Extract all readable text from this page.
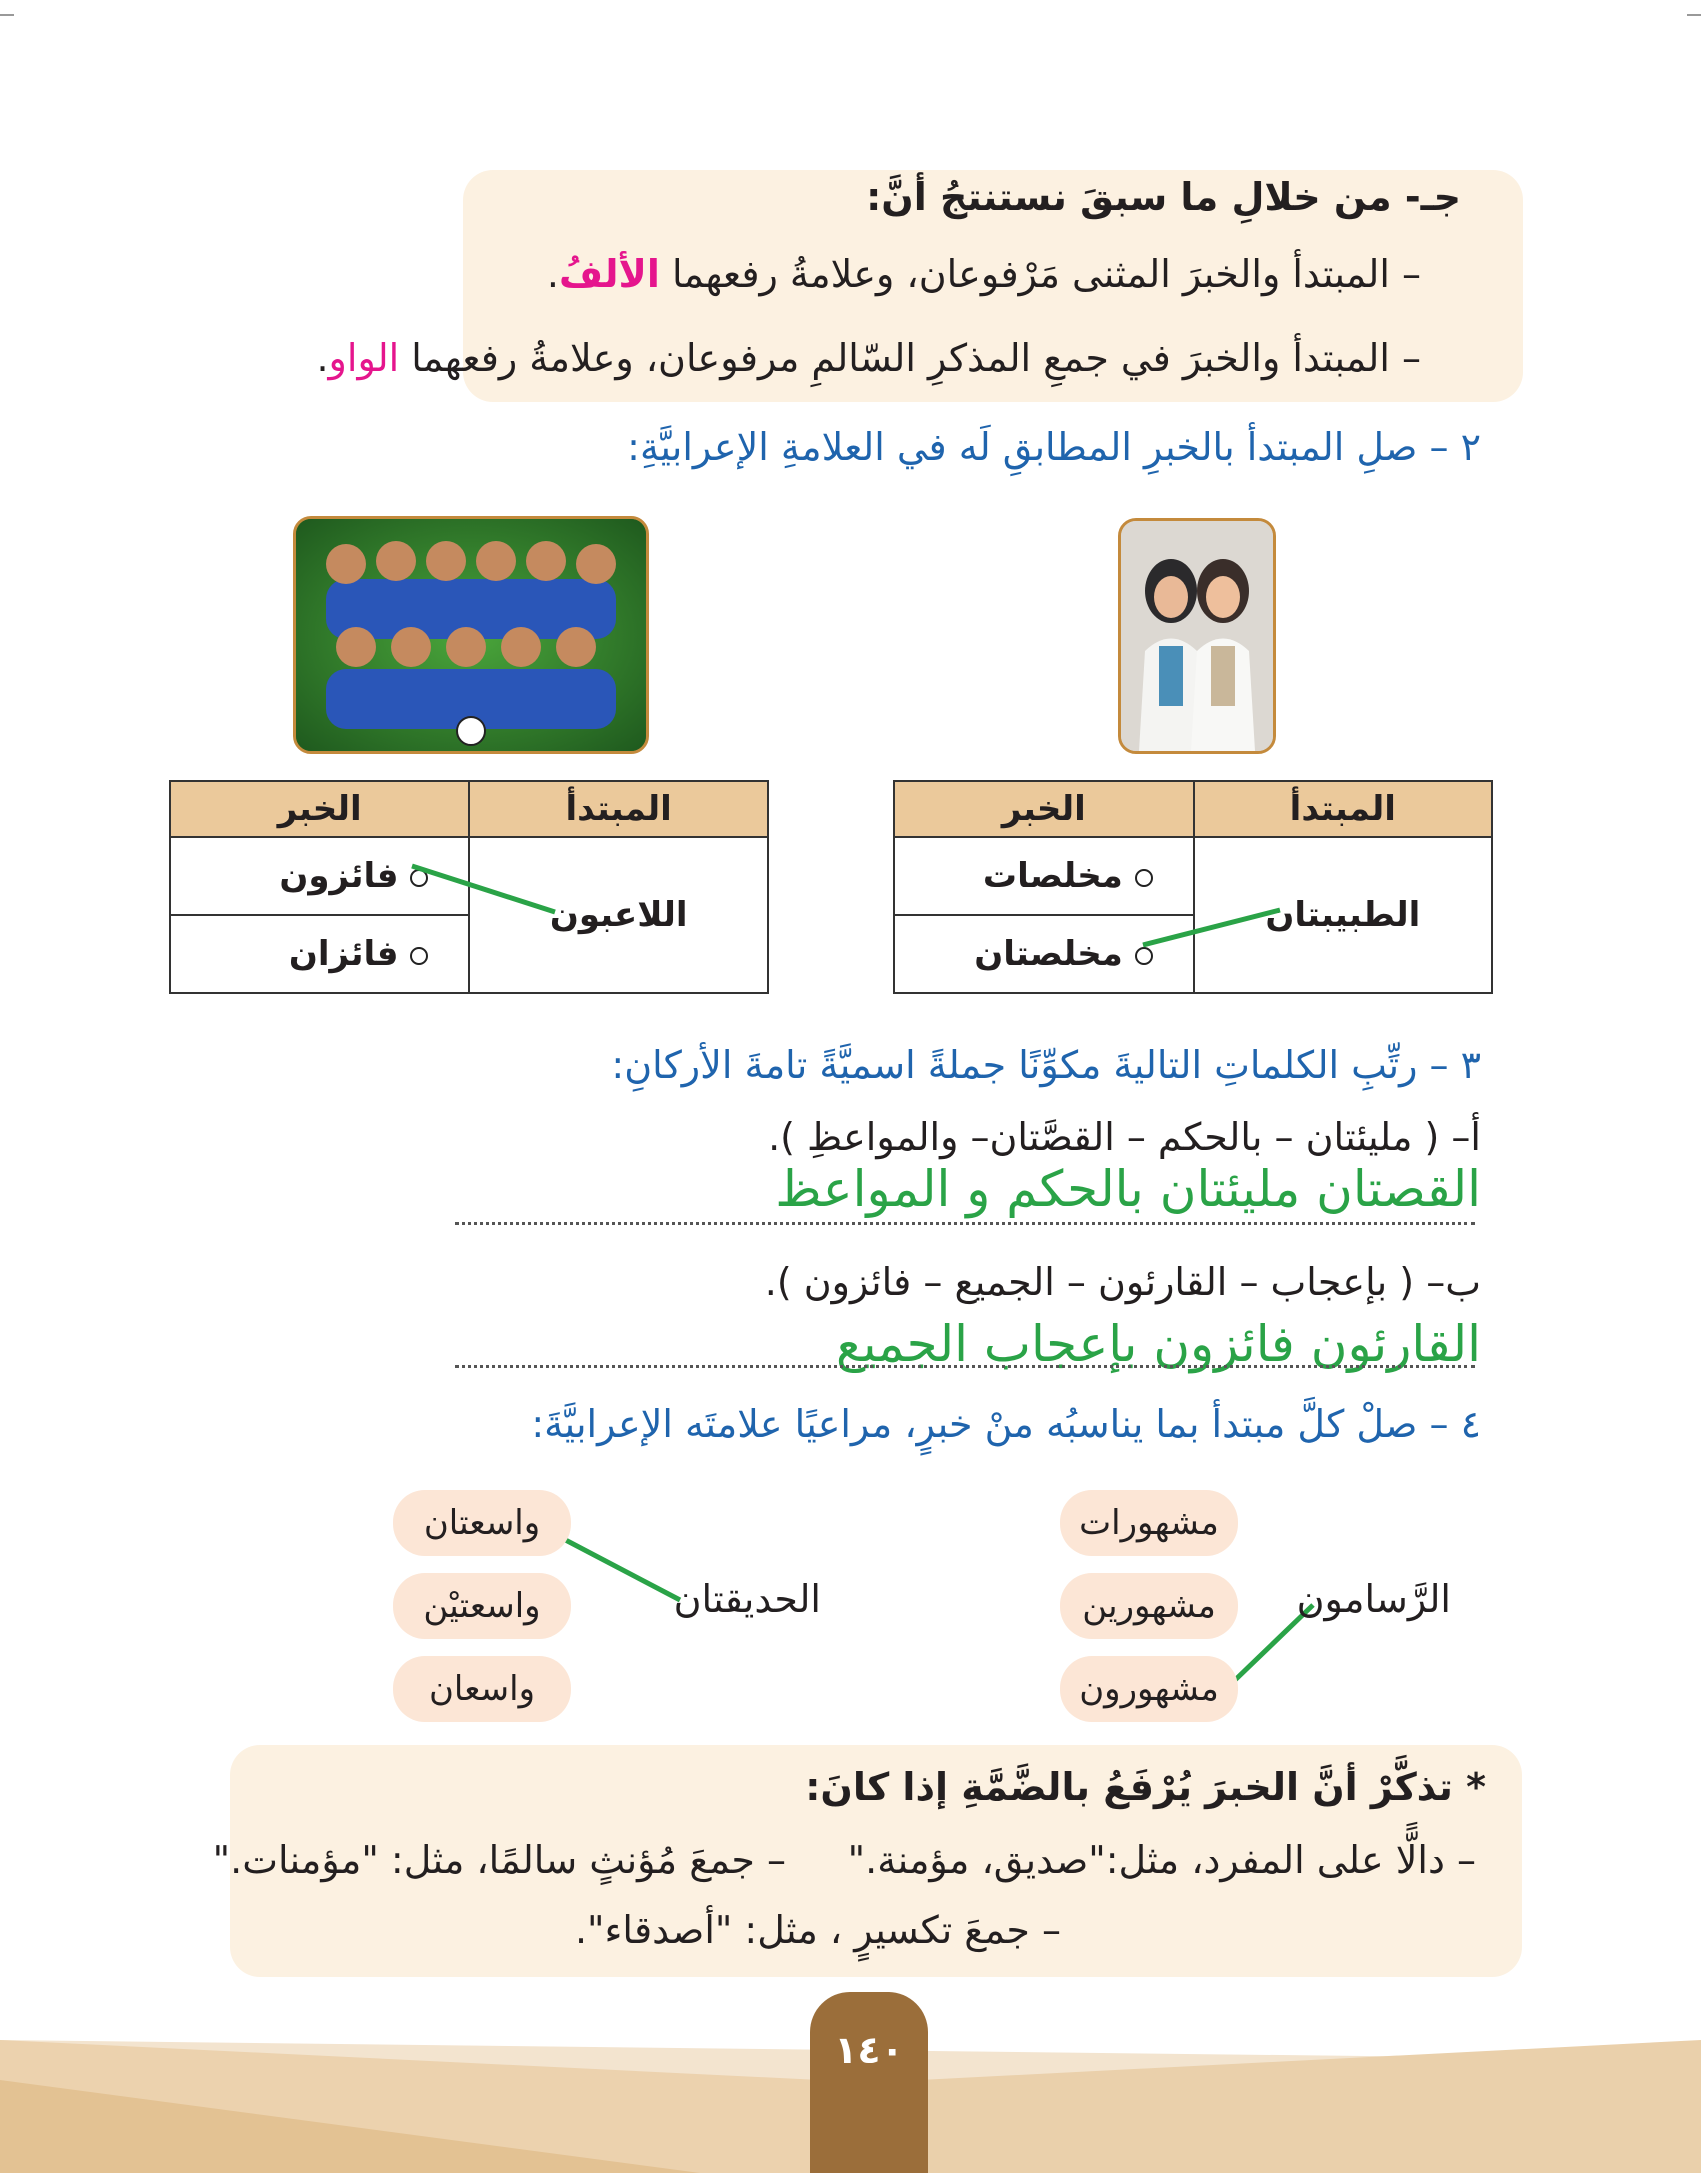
جـ- من خلالِ ما سبقَ نستنتجُ أنَّ:
– المبتدأ والخبرَ المثنى مَرْفوعان، وعلامةُ رفعهما الألفُ.
– المبتدأ والخبرَ في جمعِ المذكرِ السّالمِ مرفوعان، وعلامةُ رفعهما الواو.
٢ – صلِ المبتدأ بالخبرِ المطابقِ لَه في العلامةِ الإعرابيَّةِ:
المبتدأ	الخبر
الطبيبتان	مخلصات
	مخلصتان
المبتدأ	الخبر
اللاعبون	فائزون
	فائزان
٣ – رتِّبِ الكلماتِ التاليةَ مكوِّنًا جملةً اسميَّةً تامةَ الأركانِ:
أ– ( مليئتان – بالحكم – القصَّتان– والمواعظِ ).
القصتان مليئتان بالحكم و المواعظ
ب– ( بإعجاب – القارئون – الجميع – فائزون ).
القارئون فائزون بإعجاب الجميع
٤ – صلْ كلَّ مبتدأ بما يناسبُه منْ خبرٍ، مراعيًا علامتَه الإعرابيَّةَ:
الرَّسامون
مشهورات
مشهورين
مشهورون
الحديقتان
واسعتان
واسعتيْن
واسعان
* تذكَّرْ أنَّ الخبرَ يُرْفَعُ بالضَّمَّةِ إذا كانَ:
– دالًّا على المفرد، مثل:"صديق، مؤمنة."
– جمعَ مُؤنثٍ سالمًا، مثل: "مؤمنات."
– جمعَ تكسيرٍ ، مثل: "أصدقاء".
١٤٠
